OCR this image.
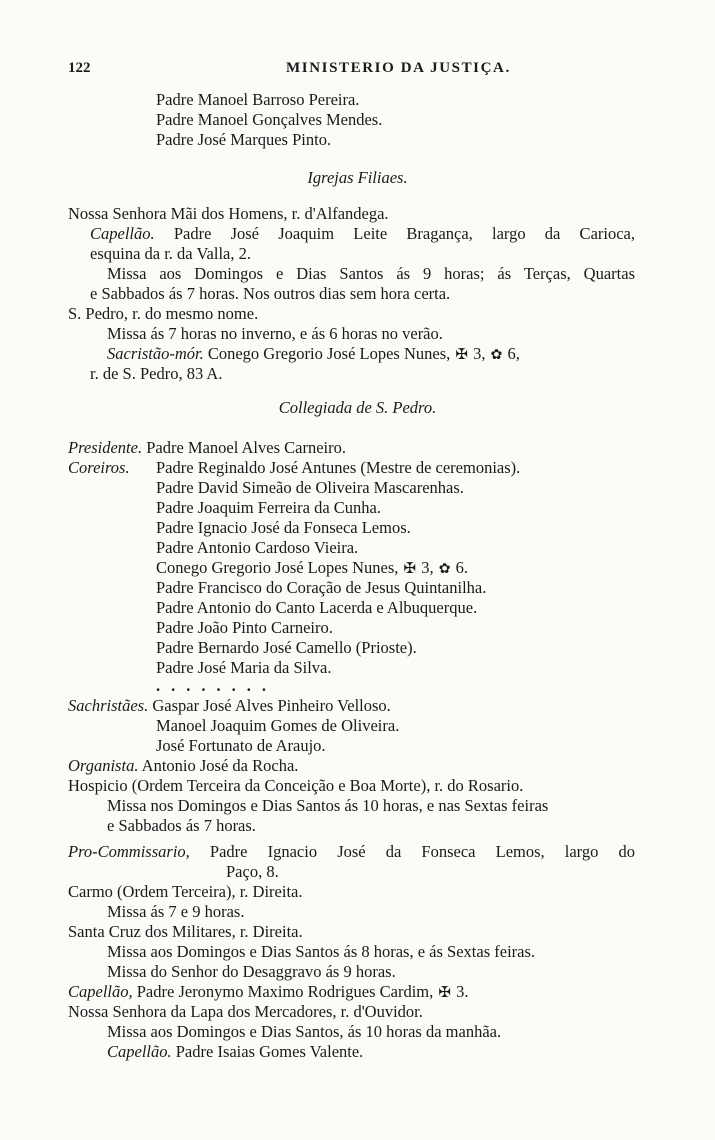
122	MINISTERIO DA JUSTIÇA.
Padre Manoel Barroso Pereira.
Padre Manoel Gonçalves Mendes.
Padre José Marques Pinto.
Igrejas Filiaes.
Nossa Senhora Mãi dos Homens, r. d'Alfandega.
Capellão. Padre José Joaquim Leite Bragança, largo da Carioca,
esquina da r. da Valla, 2.
Missa aos Domingos e Dias Santos ás 9 horas; ás Terças, Quartas
e Sabbados ás 7 horas. Nos outros dias sem hora certa.
S. Pedro, r. do mesmo nome.
Missa ás 7 horas no inverno, e ás 6 horas no verão.
Sacristão-mór. Conego Gregorio José Lopes Nunes, ✠ 3, ✿ 6,
r. de S. Pedro, 83 A.
Collegiada de S. Pedro.
Presidente. Padre Manoel Alves Carneiro.
Coreiros. Padre Reginaldo José Antunes (Mestre de ceremonias).
Padre David Simeão de Oliveira Mascarenhas.
Padre Joaquim Ferreira da Cunha.
Padre Ignacio José da Fonseca Lemos.
Padre Antonio Cardoso Vieira.
Conego Gregorio José Lopes Nunes, ✠ 3, ✿ 6.
Padre Francisco do Coração de Jesus Quintanilha.
Padre Antonio do Canto Lacerda e Albuquerque.
Padre João Pinto Carneiro.
Padre Bernardo José Camello (Prioste).
Padre José Maria da Silva.
........
Sachristães. Gaspar José Alves Pinheiro Velloso.
Manoel Joaquim Gomes de Oliveira.
José Fortunato de Araujo.
Organista. Antonio José da Rocha.
Hospicio (Ordem Terceira da Conceição e Boa Morte), r. do Rosario.
Missa nos Domingos e Dias Santos ás 10 horas, e nas Sextas feiras
e Sabbados ás 7 horas.
Pro-Commissario, Padre Ignacio José da Fonseca Lemos, largo do
Paço, 8.
Carmo (Ordem Terceira), r. Direita.
Missa ás 7 e 9 horas.
Santa Cruz dos Militares, r. Direita.
Missa aos Domingos e Dias Santos ás 8 horas, e ás Sextas feiras.
Missa do Senhor do Desaggravo ás 9 horas.
Capellão, Padre Jeronymo Maximo Rodrigues Cardim, ✠ 3.
Nossa Senhora da Lapa dos Mercadores, r. d'Ouvidor.
Missa aos Domingos e Dias Santos, ás 10 horas da manhãa.
Capellão. Padre Isaias Gomes Valente.
